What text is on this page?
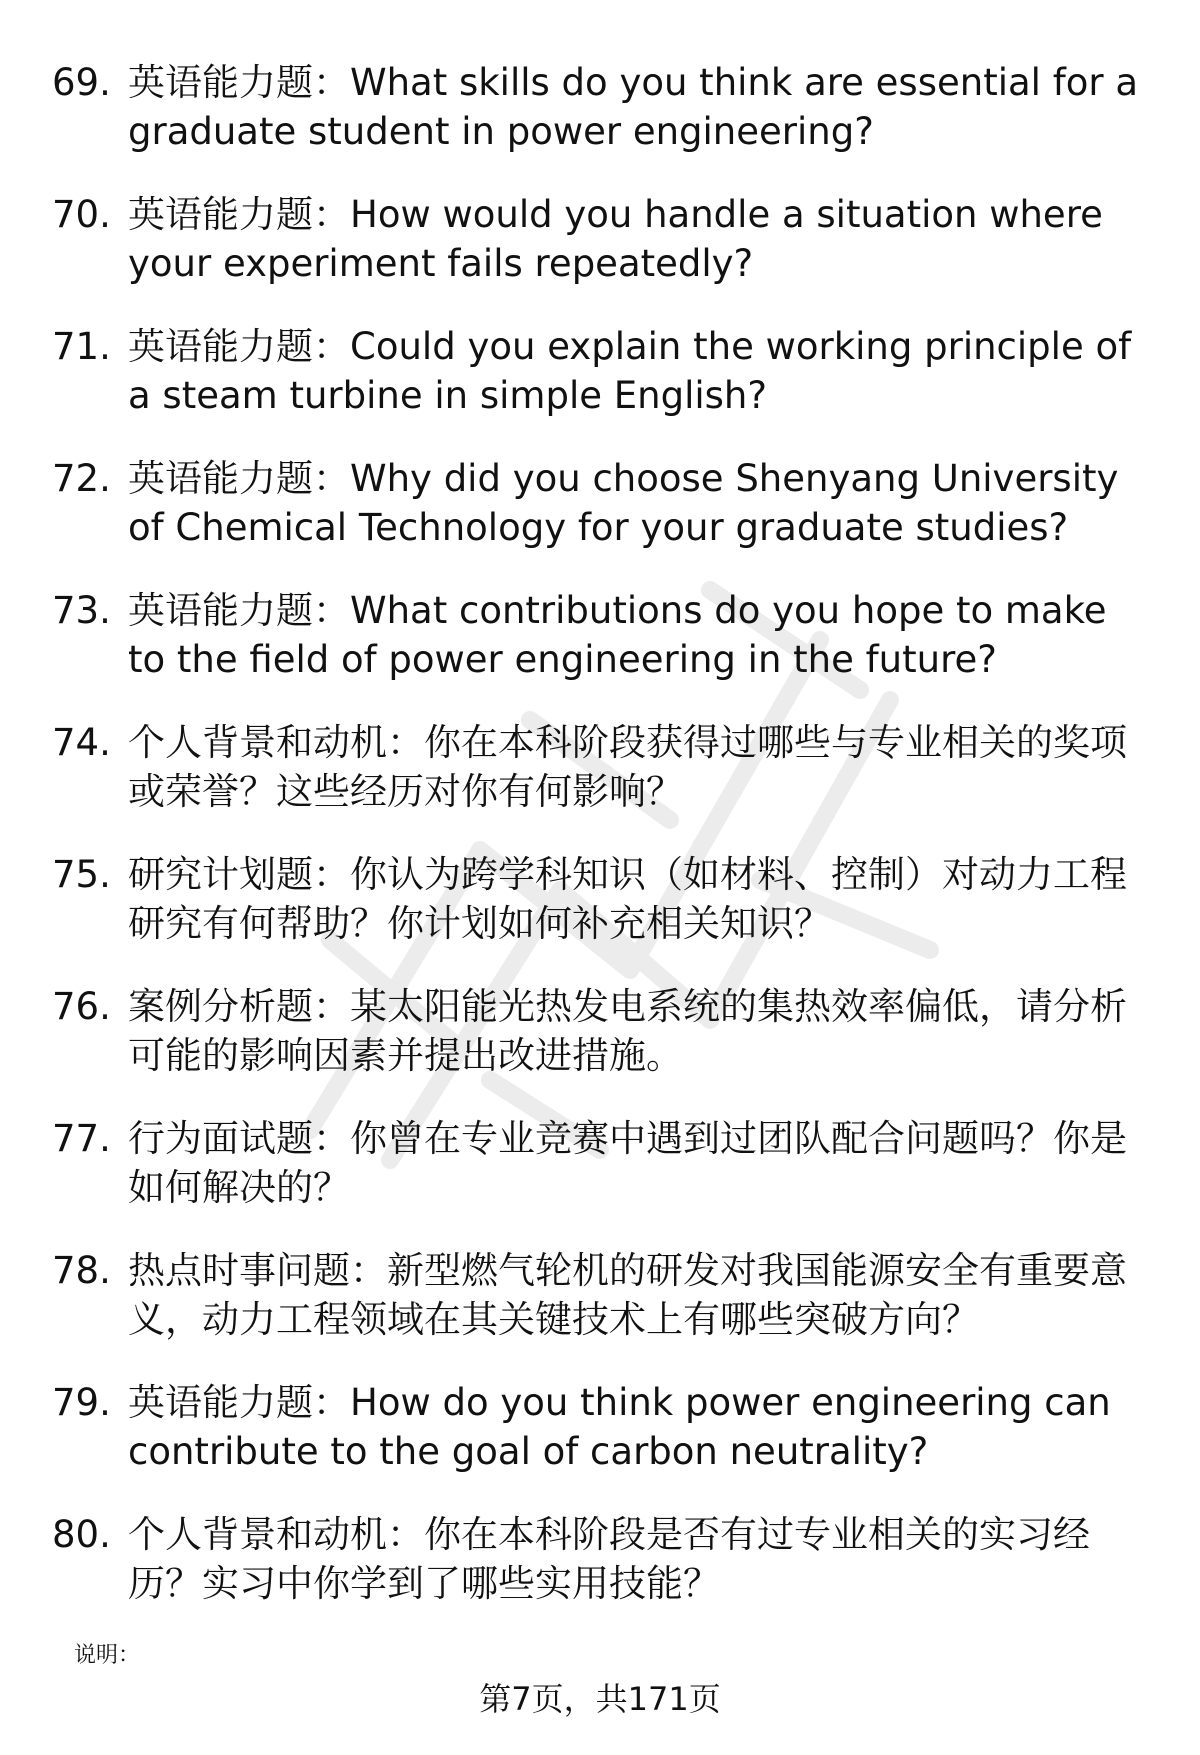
69. 英语能力题：What skills do you think are essential for a graduate student in power engineering?
70. 英语能力题：How would you handle a situation where your experiment fails repeatedly?
71. 英语能力题：Could you explain the working principle of a steam turbine in simple English?
72. 英语能力题：Why did you choose Shenyang University of Chemical Technology for your graduate studies?
73. 英语能力题：What contributions do you hope to make to the field of power engineering in the future?
74. 个人背景和动机：你在本科阶段获得过哪些与专业相关的奖项或荣誉？这些经历对你有何影响？
75. 研究计划题：你认为跨学科知识（如材料、控制）对动力工程研究有何帮助？你计划如何补充相关知识？
76. 案例分析题：某太阳能光热发电系统的集热效率偏低，请分析可能的影响因素并提出改进措施。
77. 行为面试题：你曾在专业竞赛中遇到过团队配合问题吗？你是如何解决的？
78. 热点时事问题：新型燃气轮机的研发对我国能源安全有重要意义，动力工程领域在其关键技术上有哪些突破方向？
79. 英语能力题：How do you think power engineering can contribute to the goal of carbon neutrality?
80. 个人背景和动机：你在本科阶段是否有过专业相关的实习经历？实习中你学到了哪些实用技能？
说明：
第7页，共171页
